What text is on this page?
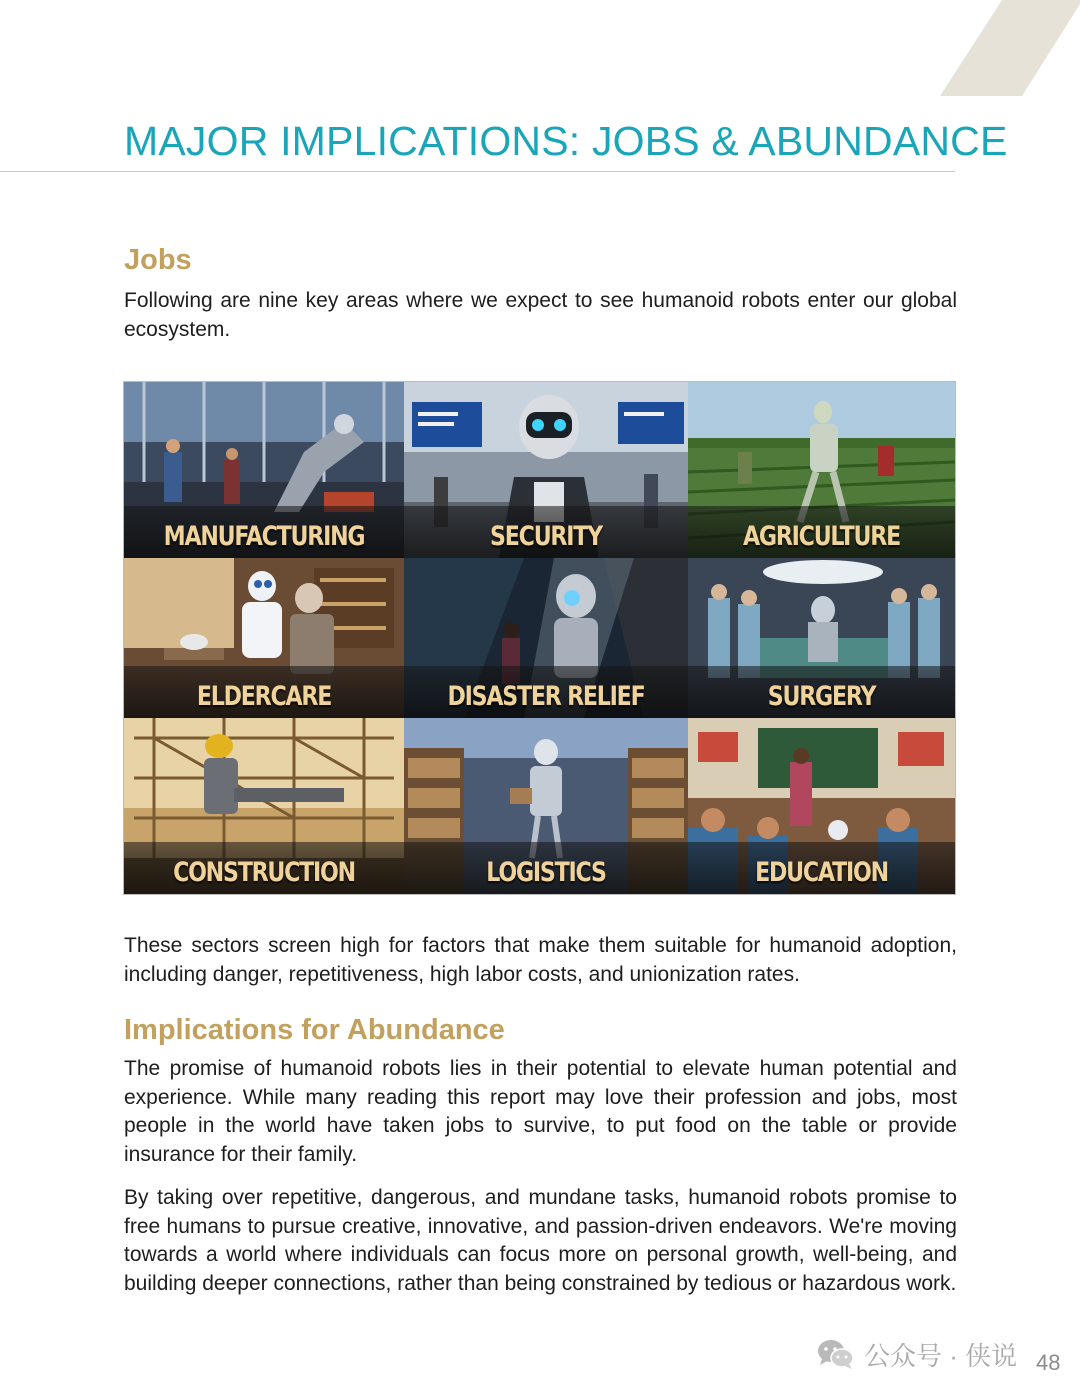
MAJOR IMPLICATIONS: JOBS & ABUNDANCE
Jobs

Following are nine key areas where we expect to see humanoid robots enter our global ecosystem.

MANUFACTURING	SECURITY	AGRICULTURE
ELDERCARE	DISASTER RELIEF	SURGERY
CONSTRUCTION	LOGISTICS	EDUCATION

These sectors screen high for factors that make them suitable for humanoid adoption, including danger, repetitiveness, high labor costs, and unionization rates.

Implications for Abundance

The promise of humanoid robots lies in their potential to elevate human potential and experience. While many reading this report may love their profession and jobs, most people in the world have taken jobs to survive, to put food on the table or provide insurance for their family.

By taking over repetitive, dangerous, and mundane tasks, humanoid robots promise to free humans to pursue creative, innovative, and passion-driven endeavors. We're moving towards a world where individuals can focus more on personal growth, well-being, and building deeper connections, rather than being constrained by tedious or hazardous work.

公众号 · 侠说 48
